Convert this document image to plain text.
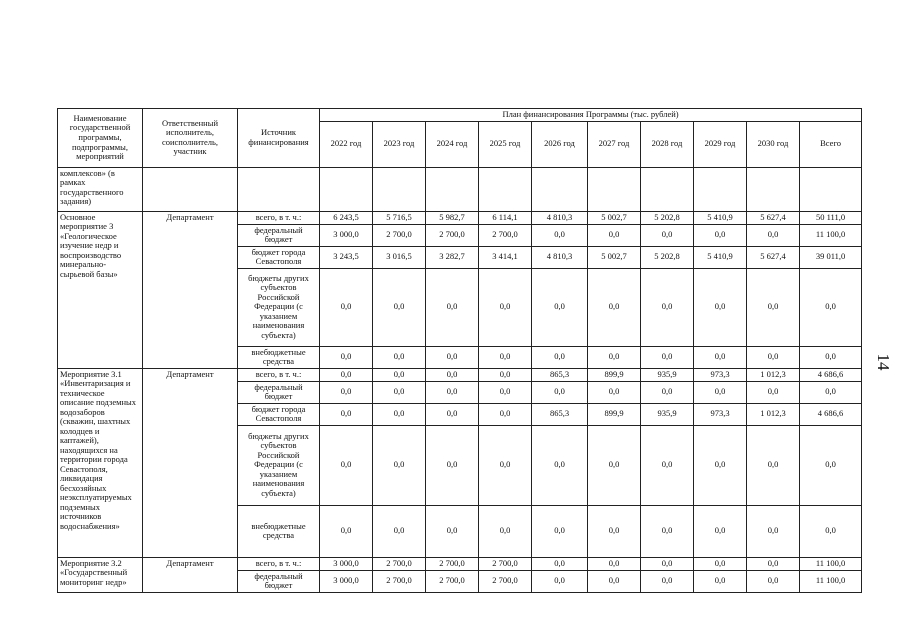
14
Наименование государственной программы, подпрограммы, мероприятий	Ответственный исполнитель, соисполнитель, участник	Источник финансирования	План финансирования Программы (тыс. рублей)									
			2022 год	2023 год	2024 год	2025 год	2026 год	2027 год	2028 год	2029 год	2030 год	Всего
комплексов» (в рамках государственного задания)												
Основное мероприятие 3 «Геологическое изучение недр и воспроизводство минерально-сырьевой базы»	Департамент	всего, в т. ч.:	6 243,5	5 716,5	5 982,7	6 114,1	4 810,3	5 002,7	5 202,8	5 410,9	5 627,4	50 111,0
		федеральный бюджет	3 000,0	2 700,0	2 700,0	2 700,0	0,0	0,0	0,0	0,0	0,0	11 100,0
		бюджет города Севастополя	3 243,5	3 016,5	3 282,7	3 414,1	4 810,3	5 002,7	5 202,8	5 410,9	5 627,4	39 011,0
		бюджеты других субъектов Российской Федерации (с указанием наименования субъекта)	0,0	0,0	0,0	0,0	0,0	0,0	0,0	0,0	0,0	0,0
		внебюджетные средства	0,0	0,0	0,0	0,0	0,0	0,0	0,0	0,0	0,0	0,0
Мероприятие 3.1 «Инвентаризация и техническое описание подземных водозаборов (скважин, шахтных колодцев и каптажей), находящихся на территории города Севастополя, ликвидация бесхозяйных неэксплуатируемых подземных источников водоснабжения»	Департамент	всего, в т. ч.:	0,0	0,0	0,0	0,0	865,3	899,9	935,9	973,3	1 012,3	4 686,6
		федеральный бюджет	0,0	0,0	0,0	0,0	0,0	0,0	0,0	0,0	0,0	0,0
		бюджет города Севастополя	0,0	0,0	0,0	0,0	865,3	899,9	935,9	973,3	1 012,3	4 686,6
		бюджеты других субъектов Российской Федерации (с указанием наименования субъекта)	0,0	0,0	0,0	0,0	0,0	0,0	0,0	0,0	0,0	0,0
		внебюджетные средства	0,0	0,0	0,0	0,0	0,0	0,0	0,0	0,0	0,0	0,0
Мероприятие 3.2 «Государственный мониторинг недр»	Департамент	всего, в т. ч.:	3 000,0	2 700,0	2 700,0	2 700,0	0,0	0,0	0,0	0,0	0,0	11 100,0
		федеральный бюджет	3 000,0	2 700,0	2 700,0	2 700,0	0,0	0,0	0,0	0,0	0,0	11 100,0
